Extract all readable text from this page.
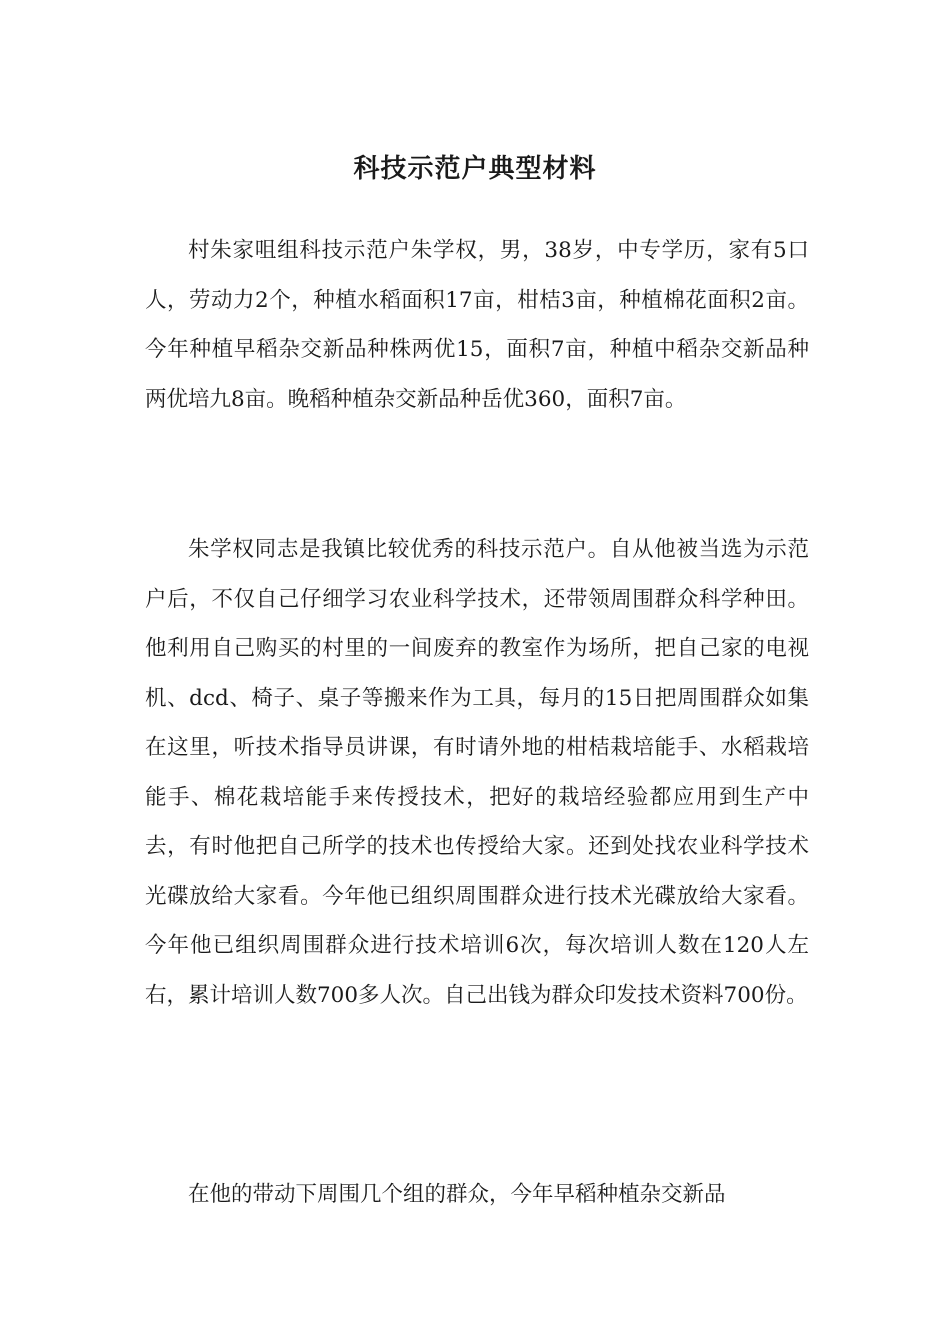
科技示范户典型材料

村朱家咀组科技示范户朱学权，男，38岁，中专学历，家有5口人，劳动力2个，种植水稻面积17亩，柑桔3亩，种植棉花面积2亩。今年种植早稻杂交新品种株两优15，面积7亩，种植中稻杂交新品种两优培九8亩。晚稻种植杂交新品种岳优360，面积7亩。

朱学权同志是我镇比较优秀的科技示范户。自从他被当选为示范户后，不仅自己仔细学习农业科学技术，还带领周围群众科学种田。他利用自己购买的村里的一间废弃的教室作为场所，把自己家的电视机、dcd、椅子、桌子等搬来作为工具，每月的15日把周围群众如集在这里，听技术指导员讲课，有时请外地的柑桔栽培能手、水稻栽培能手、棉花栽培能手来传授技术，把好的栽培经验都应用到生产中去，有时他把自己所学的技术也传授给大家。还到处找农业科学技术光碟放给大家看。今年他已组织周围群众进行技术光碟放给大家看。今年他已组织周围群众进行技术培训6次，每次培训人数在120人左右，累计培训人数700多人次。自己出钱为群众印发技术资料700份。

在他的带动下周围几个组的群众，今年早稻种植杂交新品
